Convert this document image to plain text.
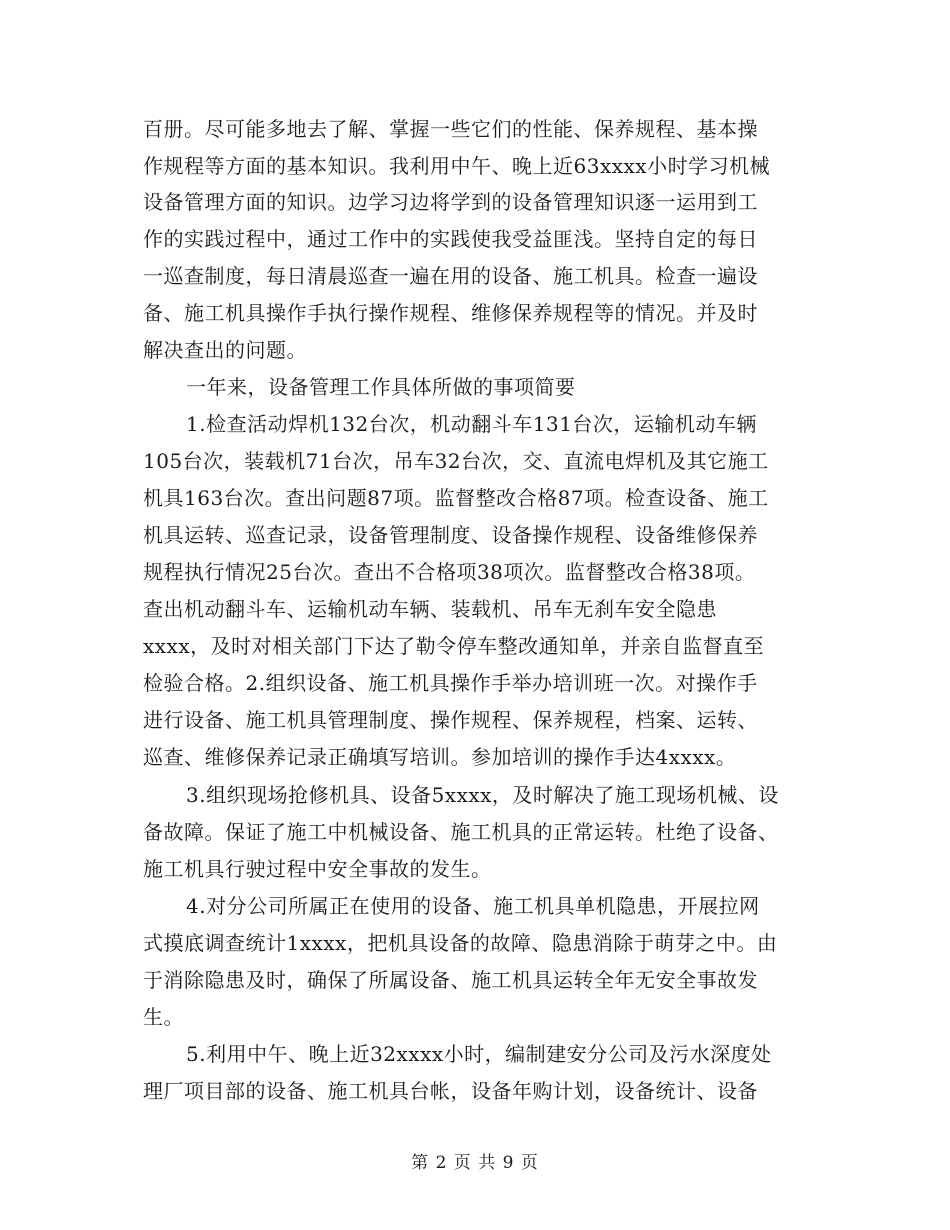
百册。尽可能多地去了解、掌握一些它们的性能、保养规程、基本操
作规程等方面的基本知识。我利用中午、晚上近63xxxx小时学习机械
设备管理方面的知识。边学习边将学到的设备管理知识逐一运用到工
作的实践过程中，通过工作中的实践使我受益匪浅。坚持自定的每日
一巡查制度，每日清晨巡查一遍在用的设备、施工机具。检查一遍设
备、施工机具操作手执行操作规程、维修保养规程等的情况。并及时
解决查出的问题。
一年来，设备管理工作具体所做的事项简要
1.检查活动焊机132台次，机动翻斗车131台次，运输机动车辆
105台次，装载机71台次，吊车32台次，交、直流电焊机及其它施工
机具163台次。查出问题87项。监督整改合格87项。检查设备、施工
机具运转、巡查记录，设备管理制度、设备操作规程、设备维修保养
规程执行情况25台次。查出不合格项38项次。监督整改合格38项。
查出机动翻斗车、运输机动车辆、装载机、吊车无刹车安全隐患
xxxx，及时对相关部门下达了勒令停车整改通知单，并亲自监督直至
检验合格。2.组织设备、施工机具操作手举办培训班一次。对操作手
进行设备、施工机具管理制度、操作规程、保养规程，档案、运转、
巡查、维修保养记录正确填写培训。参加培训的操作手达4xxxx。
3.组织现场抢修机具、设备5xxxx，及时解决了施工现场机械、设
备故障。保证了施工中机械设备、施工机具的正常运转。杜绝了设备、
施工机具行驶过程中安全事故的发生。
4.对分公司所属正在使用的设备、施工机具单机隐患，开展拉网
式摸底调查统计1xxxx，把机具设备的故障、隐患消除于萌芽之中。由
于消除隐患及时，确保了所属设备、施工机具运转全年无安全事故发
生。
5.利用中午、晚上近32xxxx小时，编制建安分公司及污水深度处
理厂项目部的设备、施工机具台帐，设备年购计划，设备统计、设备
第 2 页 共 9 页
